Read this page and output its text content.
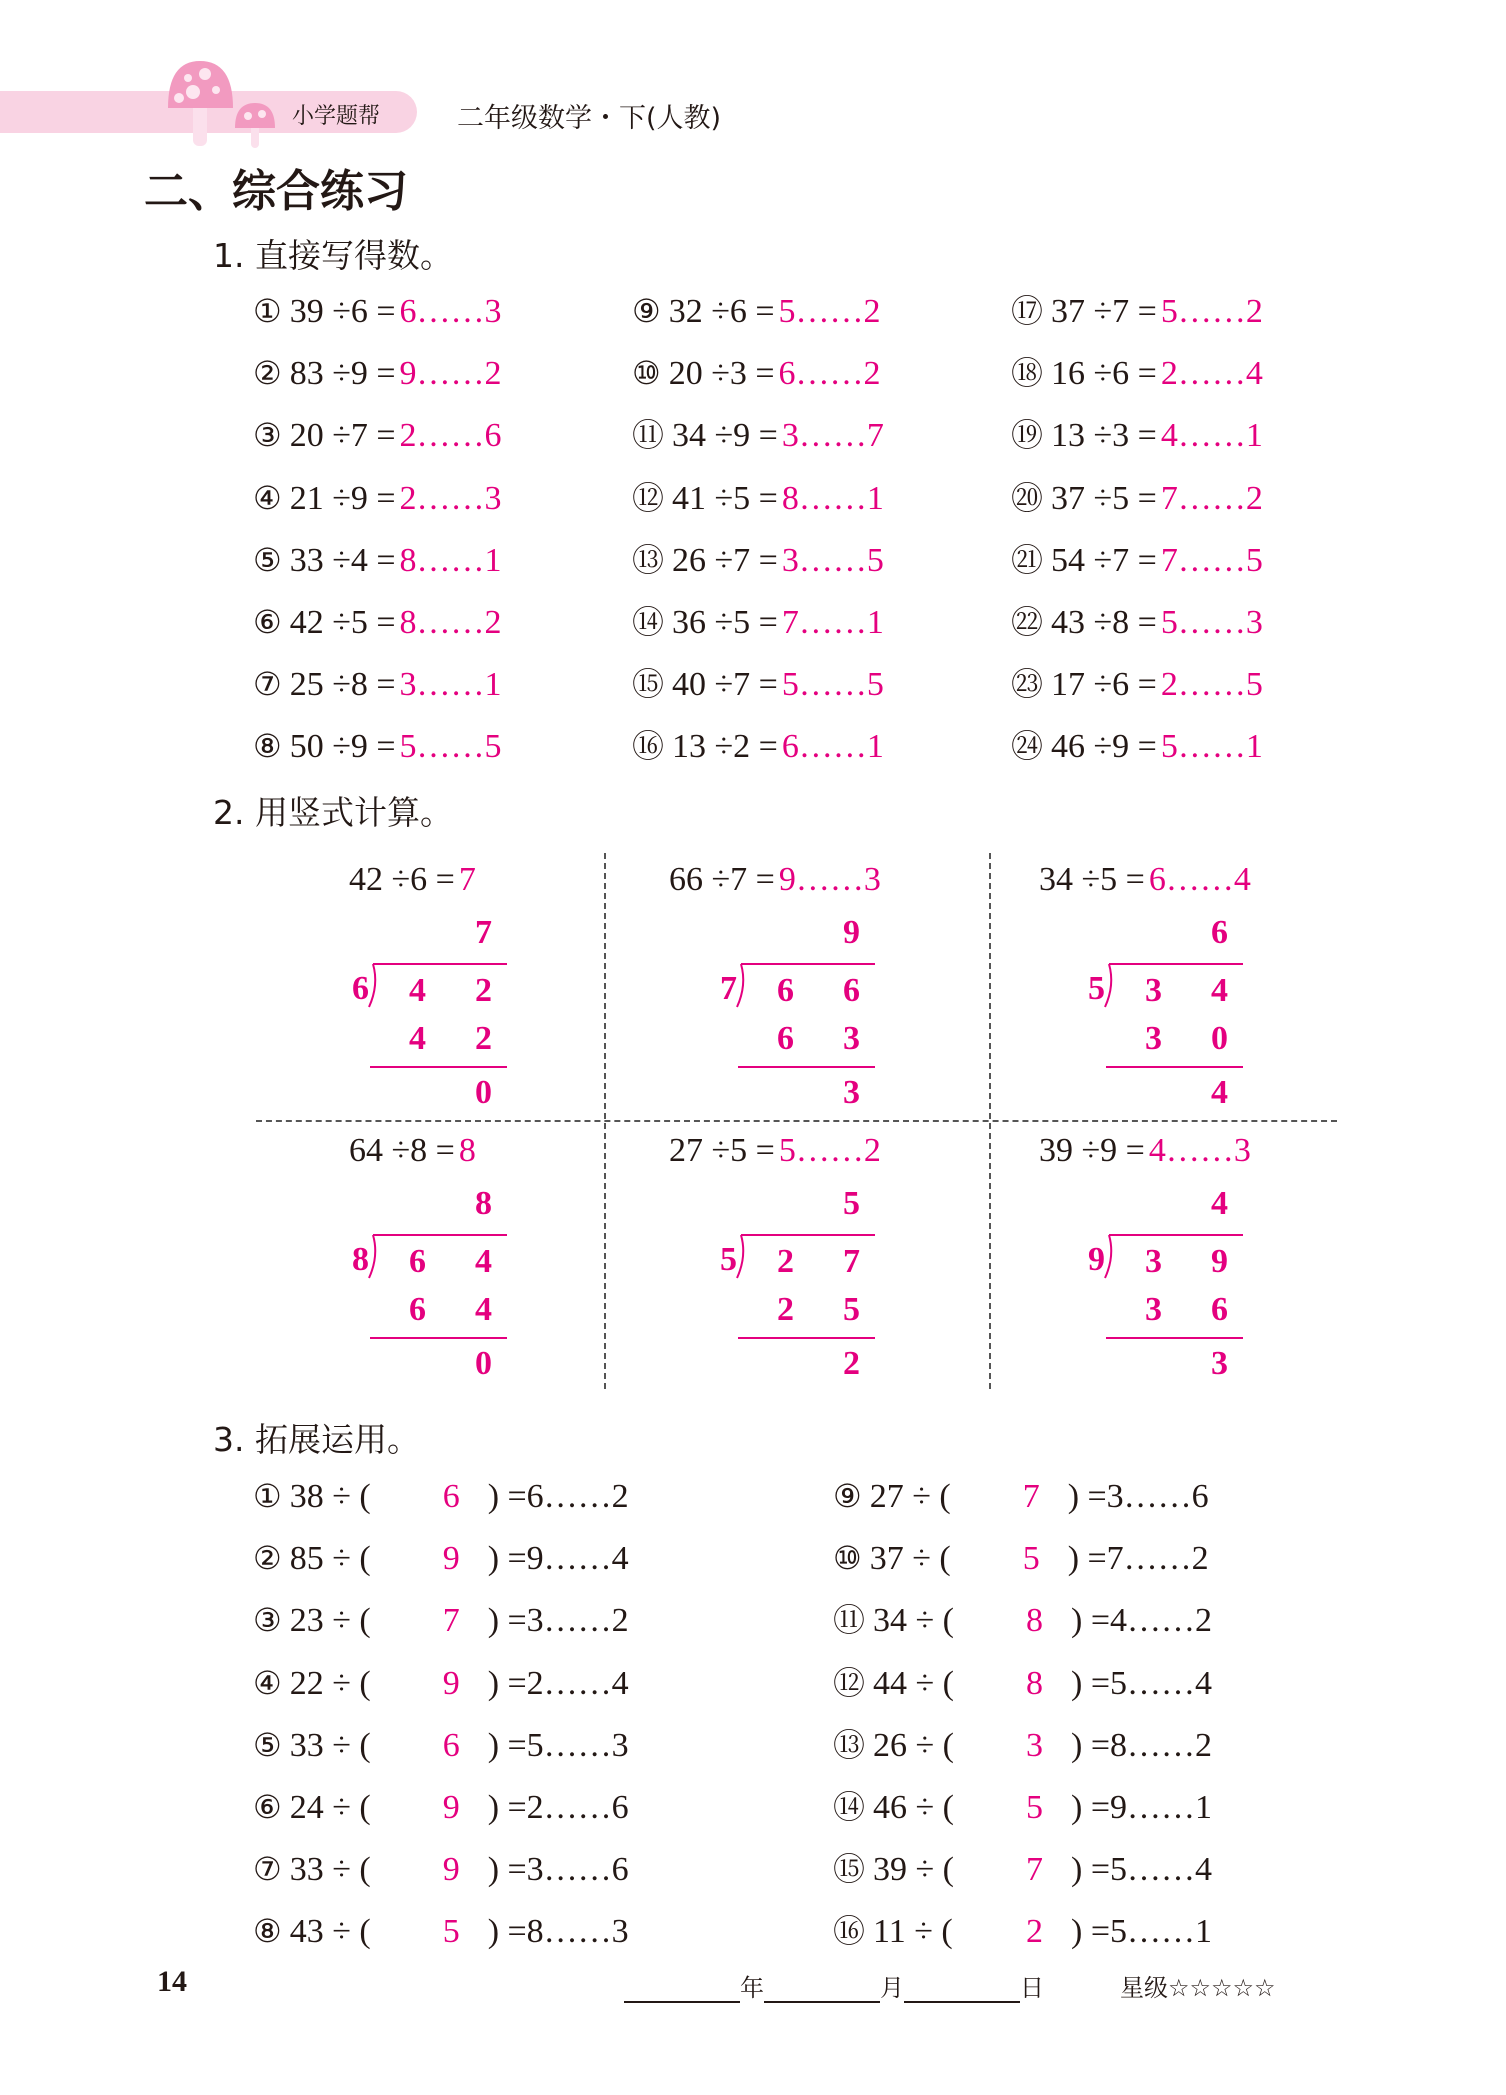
小学题帮	二年级数学・下(人教)
二、综合练习
1. 直接写得数。
① 39 ÷6 = 6……3
② 83 ÷9 = 9……2
③ 20 ÷7 = 2……6
④ 21 ÷9 = 2……3
⑤ 33 ÷4 = 8……1
⑥ 42 ÷5 = 8……2
⑦ 25 ÷8 = 3……1
⑧ 50 ÷9 = 5……5
⑨ 32 ÷6 = 5……2
⑩ 20 ÷3 = 6……2
⑪ 34 ÷9 = 3……7
⑫ 41 ÷5 = 8……1
⑬ 26 ÷7 = 3……5
⑭ 36 ÷5 = 7……1
⑮ 40 ÷7 = 5……5
⑯ 13 ÷2 = 6……1
⑰ 37 ÷7 = 5……2
⑱ 16 ÷6 = 2……4
⑲ 13 ÷3 = 4……1
⑳ 37 ÷5 = 7……2
㉑ 54 ÷7 = 7……5
㉒ 43 ÷8 = 5……3
㉓ 17 ÷6 = 2……5
㉔ 46 ÷9 = 5……1
2. 用竖式计算。
42 ÷6 = 7
7
6 4 2
4 2
0
66 ÷7 = 9……3
9
7 6 6
6 3
3
34 ÷5 = 6……4
6
5 3 4
3 0
4
64 ÷8 = 8
8
8 6 4
6 4
0
27 ÷5 = 5……2
5
5 2 7
2 5
2
39 ÷9 = 4……3
4
9 3 9
3 6
3
3. 拓展运用。
① 38 ÷ ( 6 ) =6……2
② 85 ÷ ( 9 ) =9……4
③ 23 ÷ ( 7 ) =3……2
④ 22 ÷ ( 9 ) =2……4
⑤ 33 ÷ ( 6 ) =5……3
⑥ 24 ÷ ( 9 ) =2……6
⑦ 33 ÷ ( 9 ) =3……6
⑧ 43 ÷ ( 5 ) =8……3
⑨ 27 ÷ ( 7 ) =3……6
⑩ 37 ÷ ( 5 ) =7……2
⑪ 34 ÷ ( 8 ) =4……2
⑫ 44 ÷ ( 8 ) =5……4
⑬ 26 ÷ ( 3 ) =8……2
⑭ 46 ÷ ( 5 ) =9……1
⑮ 39 ÷ ( 7 ) =5……4
⑯ 11 ÷ ( 2 ) =5……1
14	年	月	日	星级☆☆☆☆☆
